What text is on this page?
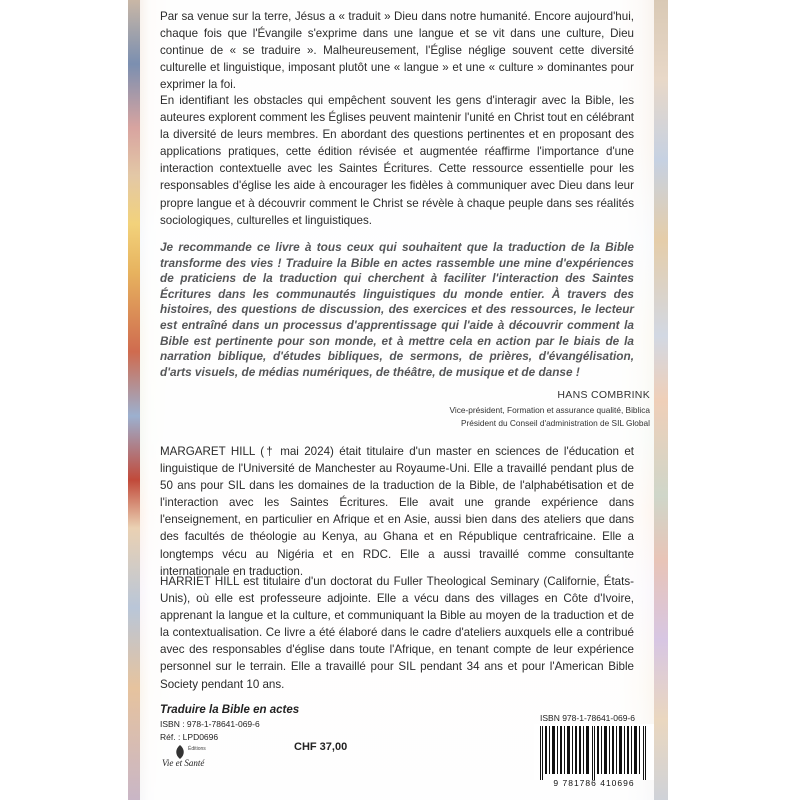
Par sa venue sur la terre, Jésus a « traduit » Dieu dans notre humanité. Encore aujourd'hui, chaque fois que l'Évangile s'exprime dans une langue et se vit dans une culture, Dieu continue de « se traduire ». Malheureusement, l'Église néglige souvent cette diversité culturelle et linguistique, imposant plutôt une « langue » et une « culture » dominantes pour exprimer la foi.

En identifiant les obstacles qui empêchent souvent les gens d'interagir avec la Bible, les auteures explorent comment les Églises peuvent maintenir l'unité en Christ tout en célébrant la diversité de leurs membres. En abordant des questions pertinentes et en proposant des applications pratiques, cette édition révisée et augmentée réaffirme l'importance d'une interaction contextuelle avec les Saintes Écritures. Cette ressource essentielle pour les responsables d'église les aide à encourager les fidèles à communiquer avec Dieu dans leur propre langue et à découvrir comment le Christ se révèle à chaque peuple dans ses réalités sociologiques, culturelles et linguistiques.

Je recommande ce livre à tous ceux qui souhaitent que la traduction de la Bible transforme des vies ! Traduire la Bible en actes rassemble une mine d'expériences de praticiens de la traduction qui cherchent à faciliter l'interaction des Saintes Écritures dans les communautés linguistiques du monde entier. À travers des histoires, des questions de discussion, des exercices et des ressources, le lecteur est entraîné dans un processus d'apprentissage qui l'aide à découvrir comment la Bible est pertinente pour son monde, et à mettre cela en action par le biais de la narration biblique, d'études bibliques, de sermons, de prières, d'évangélisation, d'arts visuels, de médias numériques, de théâtre, de musique et de danse !

HANS COMBRINK
Vice-président, Formation et assurance qualité, Biblica
Président du Conseil d'administration de SIL Global

MARGARET HILL († mai 2024) était titulaire d'un master en sciences de l'éducation et linguistique de l'Université de Manchester au Royaume-Uni. Elle a travaillé pendant plus de 50 ans pour SIL dans les domaines de la traduction de la Bible, de l'alphabétisation et de l'interaction avec les Saintes Écritures. Elle avait une grande expérience dans l'enseignement, en particulier en Afrique et en Asie, aussi bien dans des ateliers que dans des facultés de théologie au Kenya, au Ghana et en République centrafricaine. Elle a longtemps vécu au Nigéria et en RDC. Elle a aussi travaillé comme consultante internationale en traduction.

HARRIET HILL est titulaire d'un doctorat du Fuller Theological Seminary (Californie, États-Unis), où elle est professeure adjointe. Elle a vécu dans des villages en Côte d'Ivoire, apprenant la langue et la culture, et communiquant la Bible au moyen de la traduction et de la contextualisation. Ce livre a été élaboré dans le cadre d'ateliers auxquels elle a contribué avec des responsables d'église dans toute l'Afrique, en tenant compte de leur expérience personnel sur le terrain. Elle a travaillé pour SIL pendant 34 ans et pour l'American Bible Society pendant 10 ans.

Traduire la Bible en actes

ISBN : 978-1-78641-069-6

Réf. : LPD0696

Éditions
Vie et Santé

CHF 37,00

ISBN 978-1-78641-069-6

9 781786 410696
